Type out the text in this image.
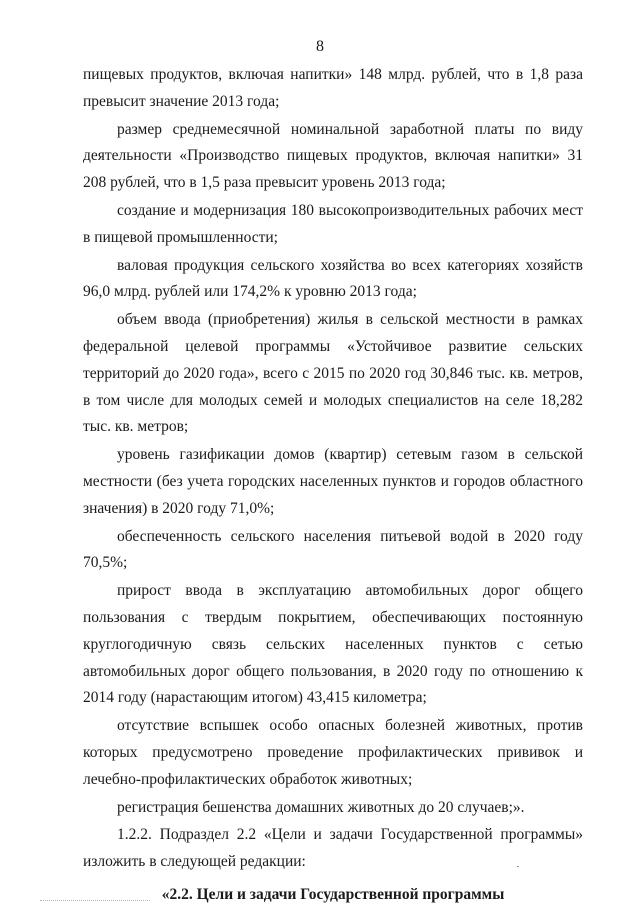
8

пищевых продуктов, включая напитки» 148 млрд. рублей, что в 1,8 раза превысит значение 2013 года;

размер среднемесячной номинальной заработной платы по виду деятельности «Производство пищевых продуктов, включая напитки» 31 208 рублей, что в 1,5 раза превысит уровень 2013 года;

создание и модернизация 180 высокопроизводительных рабочих мест в пищевой промышленности;

валовая продукция сельского хозяйства во всех категориях хозяйств 96,0 млрд. рублей или 174,2% к уровню 2013 года;

объем ввода (приобретения) жилья в сельской местности в рамках федеральной целевой программы «Устойчивое развитие сельских территорий до 2020 года», всего с 2015 по 2020 год 30,846 тыс. кв. метров, в том числе для молодых семей и молодых специалистов на селе 18,282 тыс. кв. метров;

уровень газификации домов (квартир) сетевым газом в сельской местности (без учета городских населенных пунктов и городов областного значения) в 2020 году 71,0%;

обеспеченность сельского населения питьевой водой в 2020 году 70,5%;

прирост ввода в эксплуатацию автомобильных дорог общего пользования с твердым покрытием, обеспечивающих постоянную круглогодичную связь сельских населенных пунктов с сетью автомобильных дорог общего пользования, в 2020 году по отношению к 2014 году (нарастающим итогом) 43,415 километра;

отсутствие вспышек особо опасных болезней животных, против которых предусмотрено проведение профилактических прививок и лечебно-профилактических обработок животных;

регистрация бешенства домашних животных до 20 случаев;».

1.2.2. Подраздел 2.2 «Цели и задачи Государственной программы» изложить в следующей редакции:

«2.2. Цели и задачи Государственной программы
